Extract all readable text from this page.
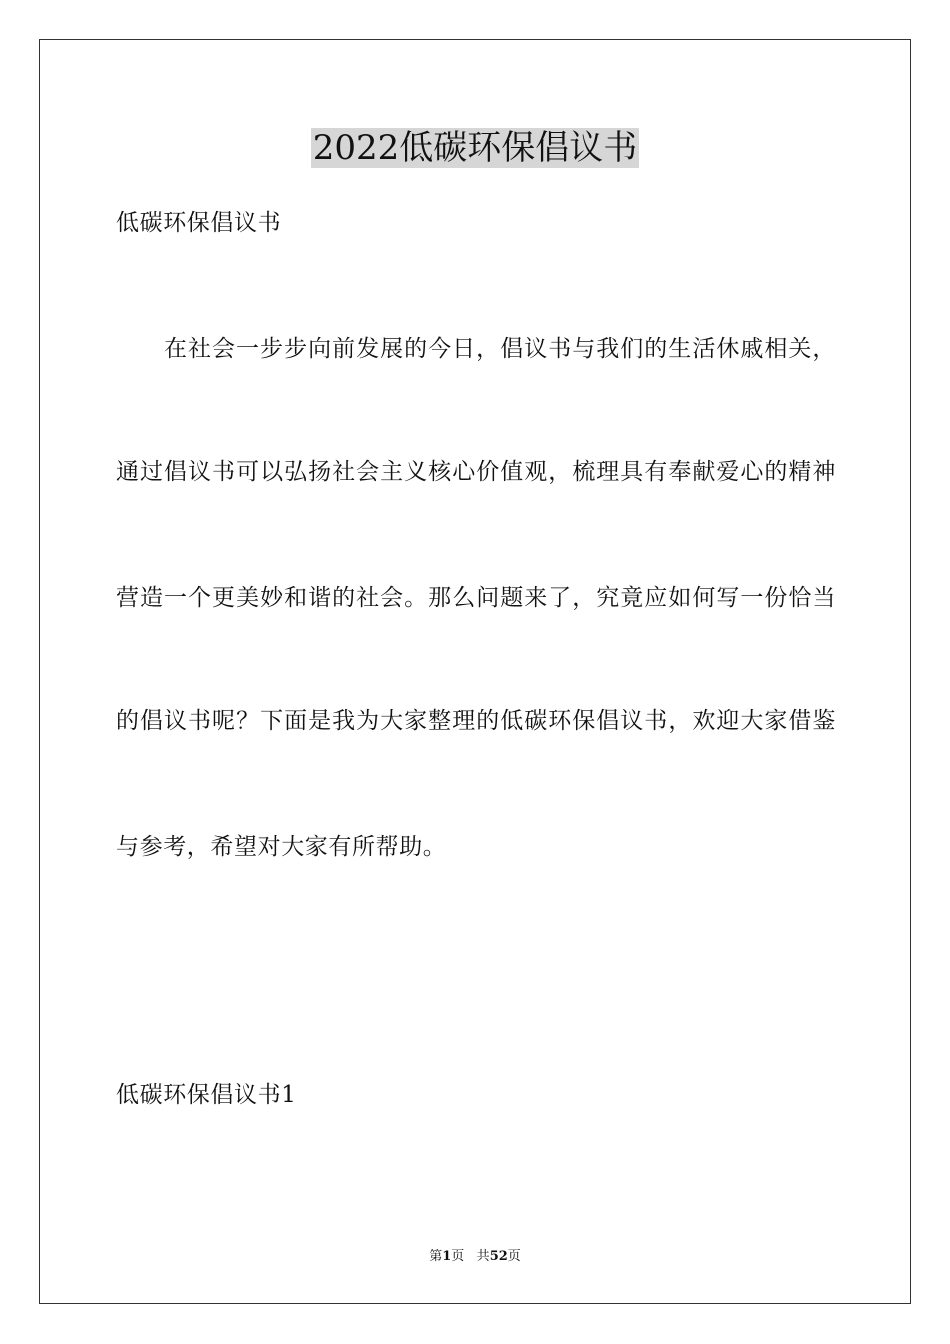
2022低碳环保倡议书

低碳环保倡议书

在社会一步步向前发展的今日，倡议书与我们的生活休戚相关，

通过倡议书可以弘扬社会主义核心价值观，梳理具有奉献爱心的精神

营造一个更美妙和谐的社会。那么问题来了，究竟应如何写一份恰当

的倡议书呢？下面是我为大家整理的低碳环保倡议书，欢迎大家借鉴

与参考，希望对大家有所帮助。

低碳环保倡议书1

第1页 共52页
